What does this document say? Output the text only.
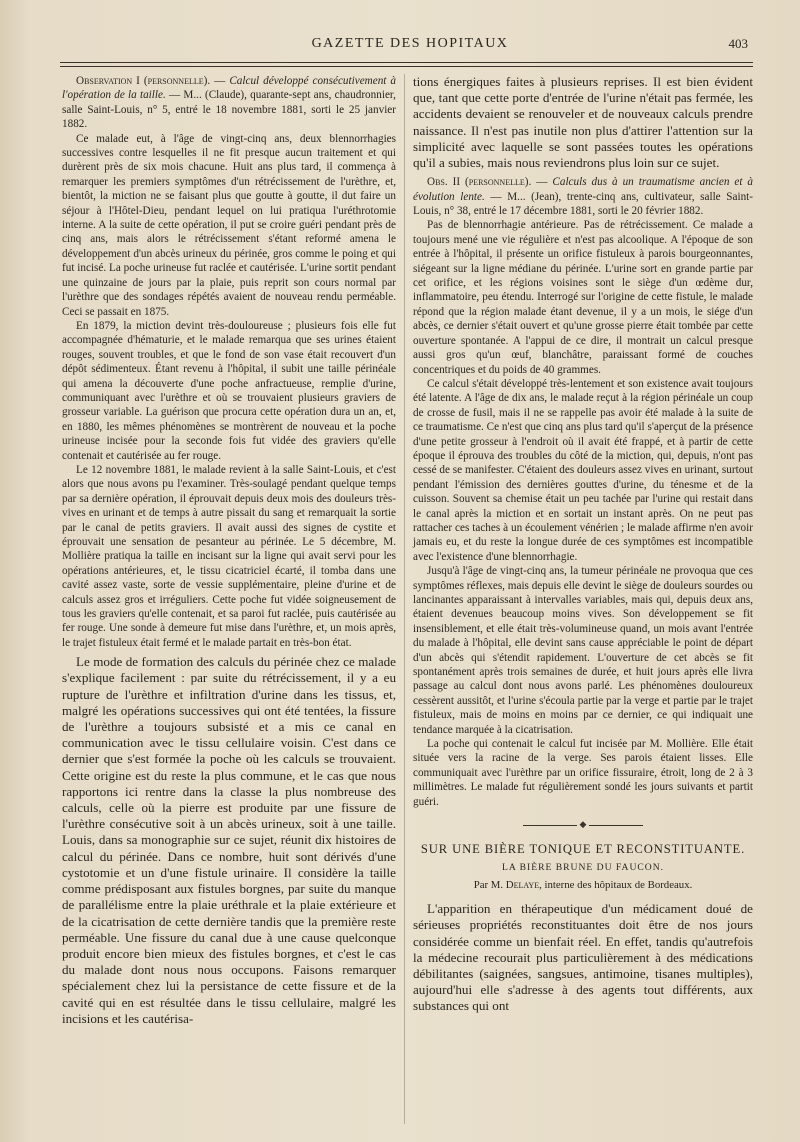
GAZETTE DES HOPITAUX	403

Observation I (personnelle). — Calcul développé consécutivement à l'opération de la taille. — M... (Claude), quarante-sept ans, chaudronnier, salle Saint-Louis, n° 5, entré le 18 novembre 1881, sorti le 25 janvier 1882.

Ce malade eut, à l'âge de vingt-cinq ans, deux blennorrhagies successives contre lesquelles il ne fit presque aucun traitement et qui durèrent près de six mois chacune. Huit ans plus tard, il commença à remarquer les premiers symptômes d'un rétrécissement de l'urèthre, et, bientôt, la miction ne se faisant plus que goutte à goutte, il dut faire un séjour à l'Hôtel-Dieu, pendant lequel on lui pratiqua l'uréthrotomie interne. A la suite de cette opération, il put se croire guéri pendant près de cinq ans, mais alors le rétrécissement s'étant reformé amena le développement d'un abcès urineux du périnée, gros comme le poing et qui fut incisé. La poche urineuse fut raclée et cautérisée. L'urine sortit pendant une quinzaine de jours par la plaie, puis reprit son cours normal par l'urèthre que des sondages répétés avaient de nouveau rendu perméable. Ceci se passait en 1875.

En 1879, la miction devint très-douloureuse ; plusieurs fois elle fut accompagnée d'hématurie, et le malade remarqua que ses urines étaient rouges, souvent troubles, et que le fond de son vase était recouvert d'un dépôt sédimenteux. Étant revenu à l'hôpital, il subit une taille périnéale qui amena la découverte d'une poche anfractueuse, remplie d'urine, communiquant avec l'urèthre et où se trouvaient plusieurs graviers de grosseur variable. La guérison que procura cette opération dura un an, et, en 1880, les mêmes phénomènes se montrèrent de nouveau et la poche urineuse incisée pour la seconde fois fut vidée des graviers qu'elle contenait et cautérisée au fer rouge.

Le 12 novembre 1881, le malade revient à la salle Saint-Louis, et c'est alors que nous avons pu l'examiner. Très-soulagé pendant quelque temps par sa dernière opération, il éprouvait depuis deux mois des douleurs très-vives en urinant et de temps à autre pissait du sang et remarquait la sortie par le canal de petits graviers. Il avait aussi des signes de cystite et éprouvait une sensation de pesanteur au périnée. Le 5 décembre, M. Mollière pratiqua la taille en incisant sur la ligne qui avait servi pour les opérations antérieures, et, le tissu cicatriciel écarté, il tomba dans une cavité assez vaste, sorte de vessie supplémentaire, pleine d'urine et de calculs assez gros et irréguliers. Cette poche fut vidée soigneusement de tous les graviers qu'elle contenait, et sa paroi fut raclée, puis cautérisée au fer rouge. Une sonde à demeure fut mise dans l'urèthre, et, un mois après, le trajet fistuleux était fermé et le malade partait en très-bon état.

Le mode de formation des calculs du périnée chez ce malade s'explique facilement : par suite du rétrécissement, il y a eu rupture de l'urèthre et infiltration d'urine dans les tissus, et, malgré les opérations successives qui ont été tentées, la fissure de l'urèthre a toujours subsisté et a mis ce canal en communication avec le tissu cellulaire voisin. C'est dans ce dernier que s'est formée la poche où les calculs se trouvaient. Cette origine est du reste la plus commune, et le cas que nous rapportons ici rentre dans la classe la plus nombreuse des calculs, celle où la pierre est produite par une fissure de l'urèthre consécutive soit à un abcès urineux, soit à une taille. Louis, dans sa monographie sur ce sujet, réunit dix histoires de calcul du périnée. Dans ce nombre, huit sont dérivés d'une cystotomie et un d'une fistule urinaire. Il considère la taille comme prédisposant aux fistules borgnes, par suite du manque de parallélisme entre la plaie uréthrale et la plaie extérieure et de la cicatrisation de cette dernière tandis que la première reste perméable. Une fissure du canal due à une cause quelconque produit encore bien mieux des fistules borgnes, et c'est le cas du malade dont nous nous occupons. Faisons remarquer spécialement chez lui la persistance de cette fissure et de la cavité qui en est résultée dans le tissu cellulaire, malgré les incisions et les cautérisa-

tions énergiques faites à plusieurs reprises. Il est bien évident que, tant que cette porte d'entrée de l'urine n'était pas fermée, les accidents devaient se renouveler et de nouveaux calculs prendre naissance. Il n'est pas inutile non plus d'attirer l'attention sur la simplicité avec laquelle se sont passées toutes les opérations qu'il a subies, mais nous reviendrons plus loin sur ce sujet.

Obs. II (personnelle). — Calculs dus à un traumatisme ancien et à évolution lente. — M... (Jean), trente-cinq ans, cultivateur, salle Saint-Louis, n° 38, entré le 17 décembre 1881, sorti le 20 février 1882.

Pas de blennorrhagie antérieure. Pas de rétrécissement. Ce malade a toujours mené une vie régulière et n'est pas alcoolique. A l'époque de son entrée à l'hôpital, il présente un orifice fistuleux à parois bourgeonnantes, siégeant sur la ligne médiane du périnée. L'urine sort en grande partie par cet orifice, et les régions voisines sont le siège d'un œdème dur, inflammatoire, peu étendu. Interrogé sur l'origine de cette fistule, le malade répond que la région malade étant devenue, il y a un mois, le siége d'un abcès, ce dernier s'était ouvert et qu'une grosse pierre était tombée par cette ouverture spontanée. A l'appui de ce dire, il montrait un calcul presque aussi gros qu'un œuf, blanchâtre, paraissant formé de couches concentriques et du poids de 40 grammes.

Ce calcul s'était développé très-lentement et son existence avait toujours été latente. A l'âge de dix ans, le malade reçut à la région périnéale un coup de crosse de fusil, mais il ne se rappelle pas avoir été malade à la suite de ce traumatisme. Ce n'est que cinq ans plus tard qu'il s'aperçut de la présence d'une petite grosseur à l'endroit où il avait été frappé, et à partir de cette époque il éprouva des troubles du côté de la miction, qui, depuis, n'ont pas cessé de se manifester. C'étaient des douleurs assez vives en urinant, surtout pendant l'émission des dernières gouttes d'urine, du ténesme et de la cuisson. Souvent sa chemise était un peu tachée par l'urine qui restait dans le canal après la miction et en sortait un instant après. On ne peut pas rattacher ces taches à un écoulement vénérien ; le malade affirme n'en avoir jamais eu, et du reste la longue durée de ces symptômes est incompatible avec l'existence d'une blennorrhagie.

Jusqu'à l'âge de vingt-cinq ans, la tumeur périnéale ne provoqua que ces symptômes réflexes, mais depuis elle devint le siège de douleurs sourdes ou lancinantes apparaissant à intervalles variables, mais qui, depuis deux ans, étaient devenues beaucoup moins vives. Son développement se fit insensiblement, et elle était très-volumineuse quand, un mois avant l'entrée du malade à l'hôpital, elle devint sans cause appréciable le point de départ d'un abcès qui s'étendit rapidement. L'ouverture de cet abcès se fit spontanément après trois semaines de durée, et huit jours après elle livra passage au calcul dont nous avons parlé. Les phénomènes douloureux cessèrent aussitôt, et l'urine s'écoula partie par la verge et partie par le trajet fistuleux, mais de moins en moins par ce dernier, ce qui indiquait une tendance marquée à la cicatrisation.

La poche qui contenait le calcul fut incisée par M. Mollière. Elle était située vers la racine de la verge. Ses parois étaient lisses. Elle communiquait avec l'urèthre par un orifice fissuraire, étroit, long de 2 à 3 millimètres. Le malade fut régulièrement sondé les jours suivants et partit guéri.

◆
SUR UNE BIÈRE TONIQUE ET RECONSTITUANTE.
LA BIÈRE BRUNE DU FAUCON.
Par M. Delaye, interne des hôpitaux de Bordeaux.

L'apparition en thérapeutique d'un médicament doué de sérieuses propriétés reconstituantes doit être de nos jours considérée comme un bienfait réel. En effet, tandis qu'autrefois la médecine recourait plus particulièrement à des médications débilitantes (saignées, sangsues, antimoine, tisanes multiples), aujourd'hui elle s'adresse à des agents tout différents, aux substances qui ont
